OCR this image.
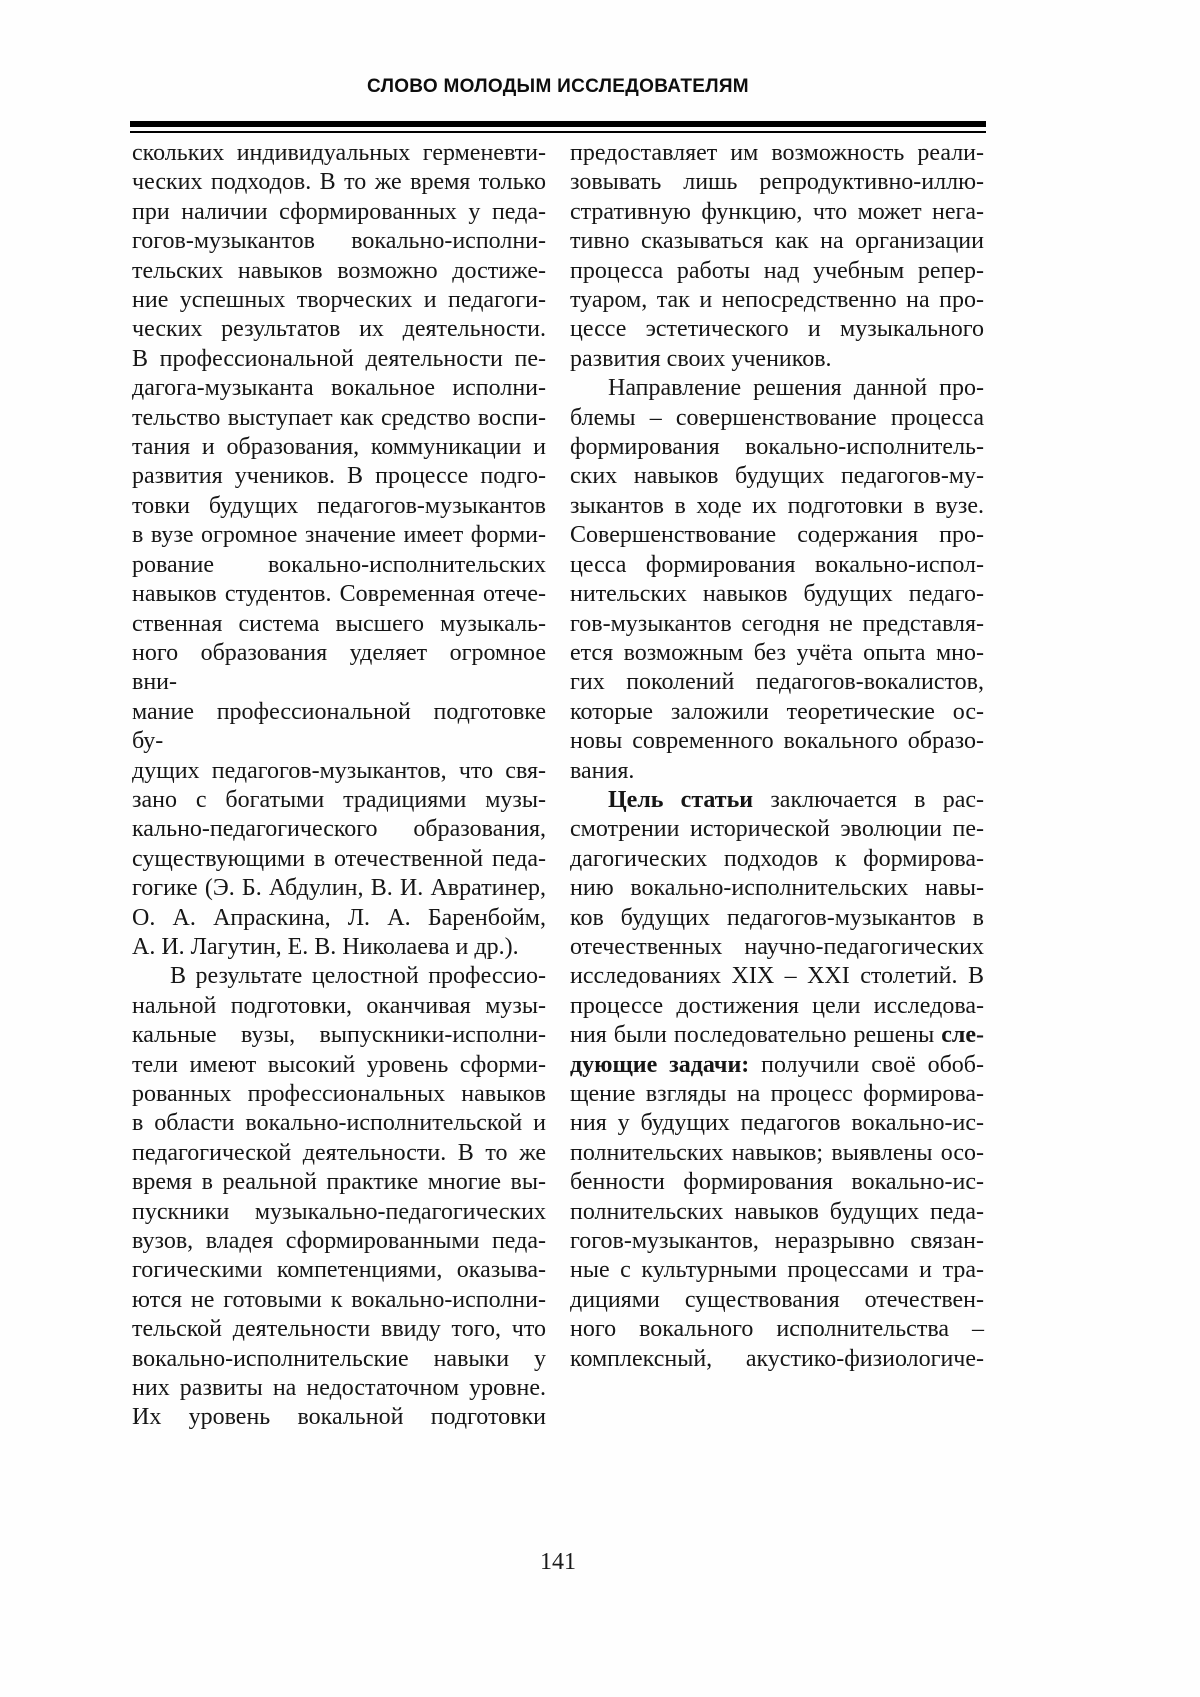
СЛОВО МОЛОДЫМ ИССЛЕДОВАТЕЛЯМ
скольких индивидуальных герменевти-
ческих подходов. В то же время только
при наличии сформированных у педа-
гогов-музыкантов вокально-исполни-
тельских навыков возможно достиже-
ние успешных творческих и педагоги-
ческих результатов их деятельности.
В профессиональной деятельности пе-
дагога-музыканта вокальное исполни-
тельство выступает как средство воспи-
тания и образования, коммуникации и
развития учеников. В процессе подго-
товки будущих педагогов-музыкантов
в вузе огромное значение имеет форми-
рование вокально-исполнительских
навыков студентов. Современная отече-
ственная система высшего музыкаль-
ного образования уделяет огромное вни-
мание профессиональной подготовке бу-
дущих педагогов-музыкантов, что свя-
зано с богатыми традициями музы-
кально-педагогического образования,
существующими в отечественной педа-
гогике (Э. Б. Абдулин, В. И. Авратинер,
О. А. Апраскина, Л. А. Баренбойм,
А. И. Лагутин, Е. В. Николаева и др.).
В результате целостной профессио-
нальной подготовки, оканчивая музы-
кальные вузы, выпускники-исполни-
тели имеют высокий уровень сформи-
рованных профессиональных навыков
в области вокально-исполнительской и
педагогической деятельности. В то же
время в реальной практике многие вы-
пускники музыкально-педагогических
вузов, владея сформированными педа-
гогическими компетенциями, оказыва-
ются не готовыми к вокально-исполни-
тельской деятельности ввиду того, что
вокально-исполнительские навыки у
них развиты на недостаточном уровне.
Их уровень вокальной подготовки
предоставляет им возможность реали-
зовывать лишь репродуктивно-иллю-
стративную функцию, что может нега-
тивно сказываться как на организации
процесса работы над учебным репер-
туаром, так и непосредственно на про-
цессе эстетического и музыкального
развития своих учеников.
Направление решения данной про-
блемы – совершенствование процесса
формирования вокально-исполнитель-
ских навыков будущих педагогов-му-
зыкантов в ходе их подготовки в вузе.
Совершенствование содержания про-
цесса формирования вокально-испол-
нительских навыков будущих педаго-
гов-музыкантов сегодня не представля-
ется возможным без учёта опыта мно-
гих поколений педагогов-вокалистов,
которые заложили теоретические ос-
новы современного вокального образо-
вания.
Цель статьи заключается в рас-
смотрении исторической эволюции пе-
дагогических подходов к формирова-
нию вокально-исполнительских навы-
ков будущих педагогов-музыкантов в
отечественных научно-педагогических
исследованиях XIX – XXI столетий. В
процессе достижения цели исследова-
ния были последовательно решены сле-
дующие задачи: получили своё обоб-
щение взгляды на процесс формирова-
ния у будущих педагогов вокально-ис-
полнительских навыков; выявлены осо-
бенности формирования вокально-ис-
полнительских навыков будущих педа-
гогов-музыкантов, неразрывно связан-
ные с культурными процессами и тра-
дициями существования отечествен-
ного вокального исполнительства –
комплексный, акустико-физиологиче-
141
